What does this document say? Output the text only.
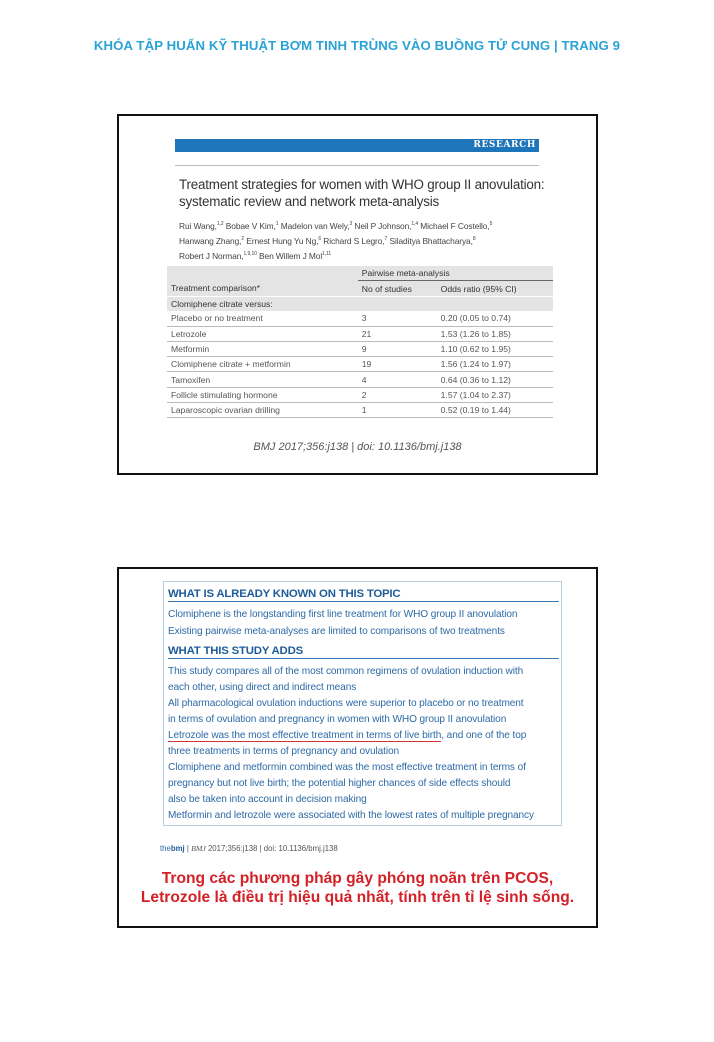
KHÓA TẬP HUẤN KỸ THUẬT BƠM TINH TRÙNG VÀO BUỒNG TỬ CUNG | TRANG 9
RESEARCH
Treatment strategies for women with WHO group II anovulation:
systematic review and network meta-analysis
Rui Wang,$^{1,2}$ Bobae V Kim,$^1$ Madelon van Wely,$^3$ Neil P Johnson,$^{1,4}$ Michael F Costello,$^5$
Hanwang Zhang,$^2$ Ernest Hung Yu Ng,$^6$ Richard S Legro,$^7$ Siladitya Bhattacharya,$^8$
Robert J Norman,$^{1,9,10}$ Ben Willem J Mol$^{1,11}$
	Pairwise meta-analysis	
Treatment comparison*	No of studies	Odds ratio (95% CI)
Clomiphene citrate versus:		
Placebo or no treatment	3	0.20 (0.05 to 0.74)
Letrozole	21	1.53 (1.26 to 1.85)
Metformin	9	1.10 (0.62 to 1.95)
Clomiphene citrate + metformin	19	1.56 (1.24 to 1.97)
Tamoxifen	4	0.64 (0.36 to 1.12)
Follicle stimulating hormone	2	1.57 (1.04 to 2.37)
Laparoscopic ovarian drilling	1	0.52 (0.19 to 1.44)
BMJ 2017;356:j138 | doi: 10.1136/bmj.j138
WHAT IS ALREADY KNOWN ON THIS TOPIC
Clomiphene is the longstanding first line treatment for WHO group II anovulation
Existing pairwise meta-analyses are limited to comparisons of two treatments
WHAT THIS STUDY ADDS
This study compares all of the most common regimens of ovulation induction with
each other, using direct and indirect means
All pharmacological ovulation inductions were superior to placebo or no treatment
in terms of ovulation and pregnancy in women with WHO group II anovulation
Letrozole was the most effective treatment in terms of live birth, and one of the top
three treatments in terms of pregnancy and ovulation
Clomiphene and metformin combined was the most effective treatment in terms of
pregnancy but not live birth; the potential higher chances of side effects should
also be taken into account in decision making
Metformin and letrozole were associated with the lowest rates of multiple pregnancy
thebmj | BMJ 2017;356:j138 | doi: 10.1136/bmj.j138
Trong các phương pháp gây phóng noãn trên PCOS,
Letrozole là điều trị hiệu quả nhất, tính trên tỉ lệ sinh sống.
